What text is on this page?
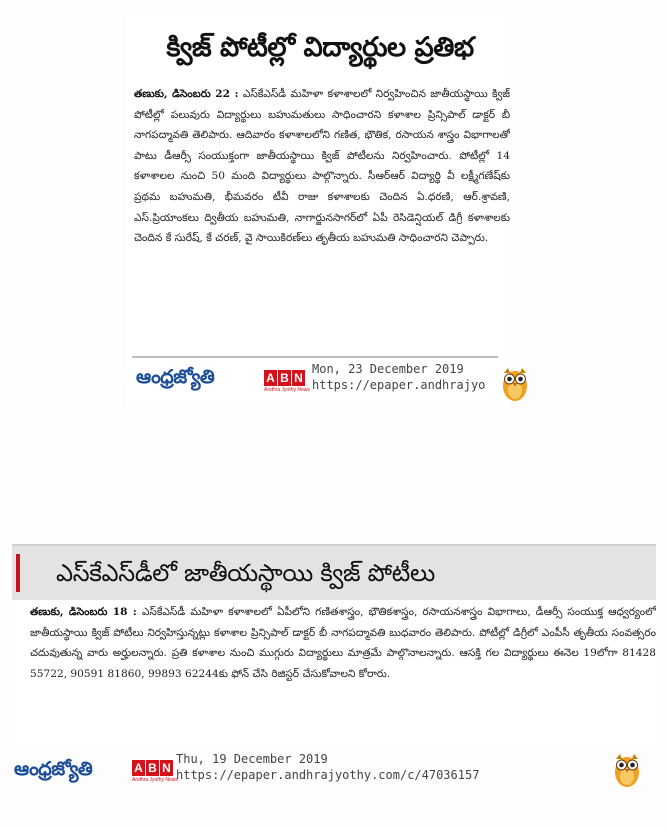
క్విజ్ పోటీల్లో విద్యార్థుల ప్రతిభ
తణుకు, డిసెంబరు 22 : ఎస్‌కేఎస్‌డీ మహిళా కళాశాలలో నిర్వహించిన జాతీయస్థాయి క్విజ్ పోటీల్లో పలువురు విద్యార్థులు బహుమతులు సాధించారని కళాశాల ప్రిన్సిపాల్ డాక్టర్ బీ నాగపద్మావతి తెలిపారు. ఆదివారం కళాశాలలోని గణిత, భౌతిక, రసాయన శాస్త్రం విభాగాలతో పాటు డీఆర్సీ సంయుక్తంగా జాతీయస్థాయి క్విజ్ పోటీలను నిర్వహించారు. పోటీల్లో 14 కళాశాలల నుంచి 50 మంది విద్యార్థులు పాల్గొన్నారు. సీఆర్‌ఆర్ విద్యార్థి వీ లక్ష్మీగణేష్‌కు ప్రథమ బహుమతి, భీమవరం టీవీ రాజు కళాశాలకు చెందిన ఏ.ధరణి, ఆర్.శ్రావణి, ఎస్.ప్రియాంకలు ద్వితీయ బహుమతి, నాగార్జునసాగర్‌లో ఏపీ రెసిడెన్షియల్ డిగ్రీ కళాశాలకు చెందిన కే సురేష్, కే చరణ్, వై సాయికిరణ్‌లు తృతీయ బహుమతి సాధించారని చెప్పారు.
ఆంధ్రజ్యోతి	A B N
Andhra Jyothy News
Mon, 23 December 2019
https://epaper.andhrajyo
ఎస్‌కేఎస్‌డీలో జాతీయస్థాయి క్విజ్ పోటీలు
తణుకు, డిసెంబరు 18 : ఎస్‌కేఎస్‌డీ మహిళా కళాశాలలో ఏపీలోని గణితశాస్త్రం, భౌతికశాస్త్రం, రసాయనశాస్త్రం విభాగాలు, డీఆర్సీ సంయుక్త ఆధ్వర్యంలో జాతీయస్థాయి క్విజ్ పోటీలు నిర్వహిస్తున్నట్లు కళాశాల ప్రిన్సిపాల్ డాక్టర్ బీ నాగపద్మావతి బుధవారం తెలిపారు. పోటీల్లో డిగ్రీలో ఎంపీసీ తృతీయ సంవత్సరం చదువుతున్న వారు అర్హులన్నారు. ప్రతి కళాశాల నుంచి ముగ్గురు విద్యార్థులు మాత్రమే పాల్గొనాలన్నారు. ఆసక్తి గల విద్యార్థులు ఈనెల 19లోగా 81428 55722, 90591 81860, 99893 62244కు ఫోన్ చేసి రిజిస్టర్ చేసుకోవాలని కోరారు.
ఆంధ్రజ్యోతి	A B N
Andhra Jyothy News
Thu, 19 December 2019
https://epaper.andhrajyothy.com/c/47036157
